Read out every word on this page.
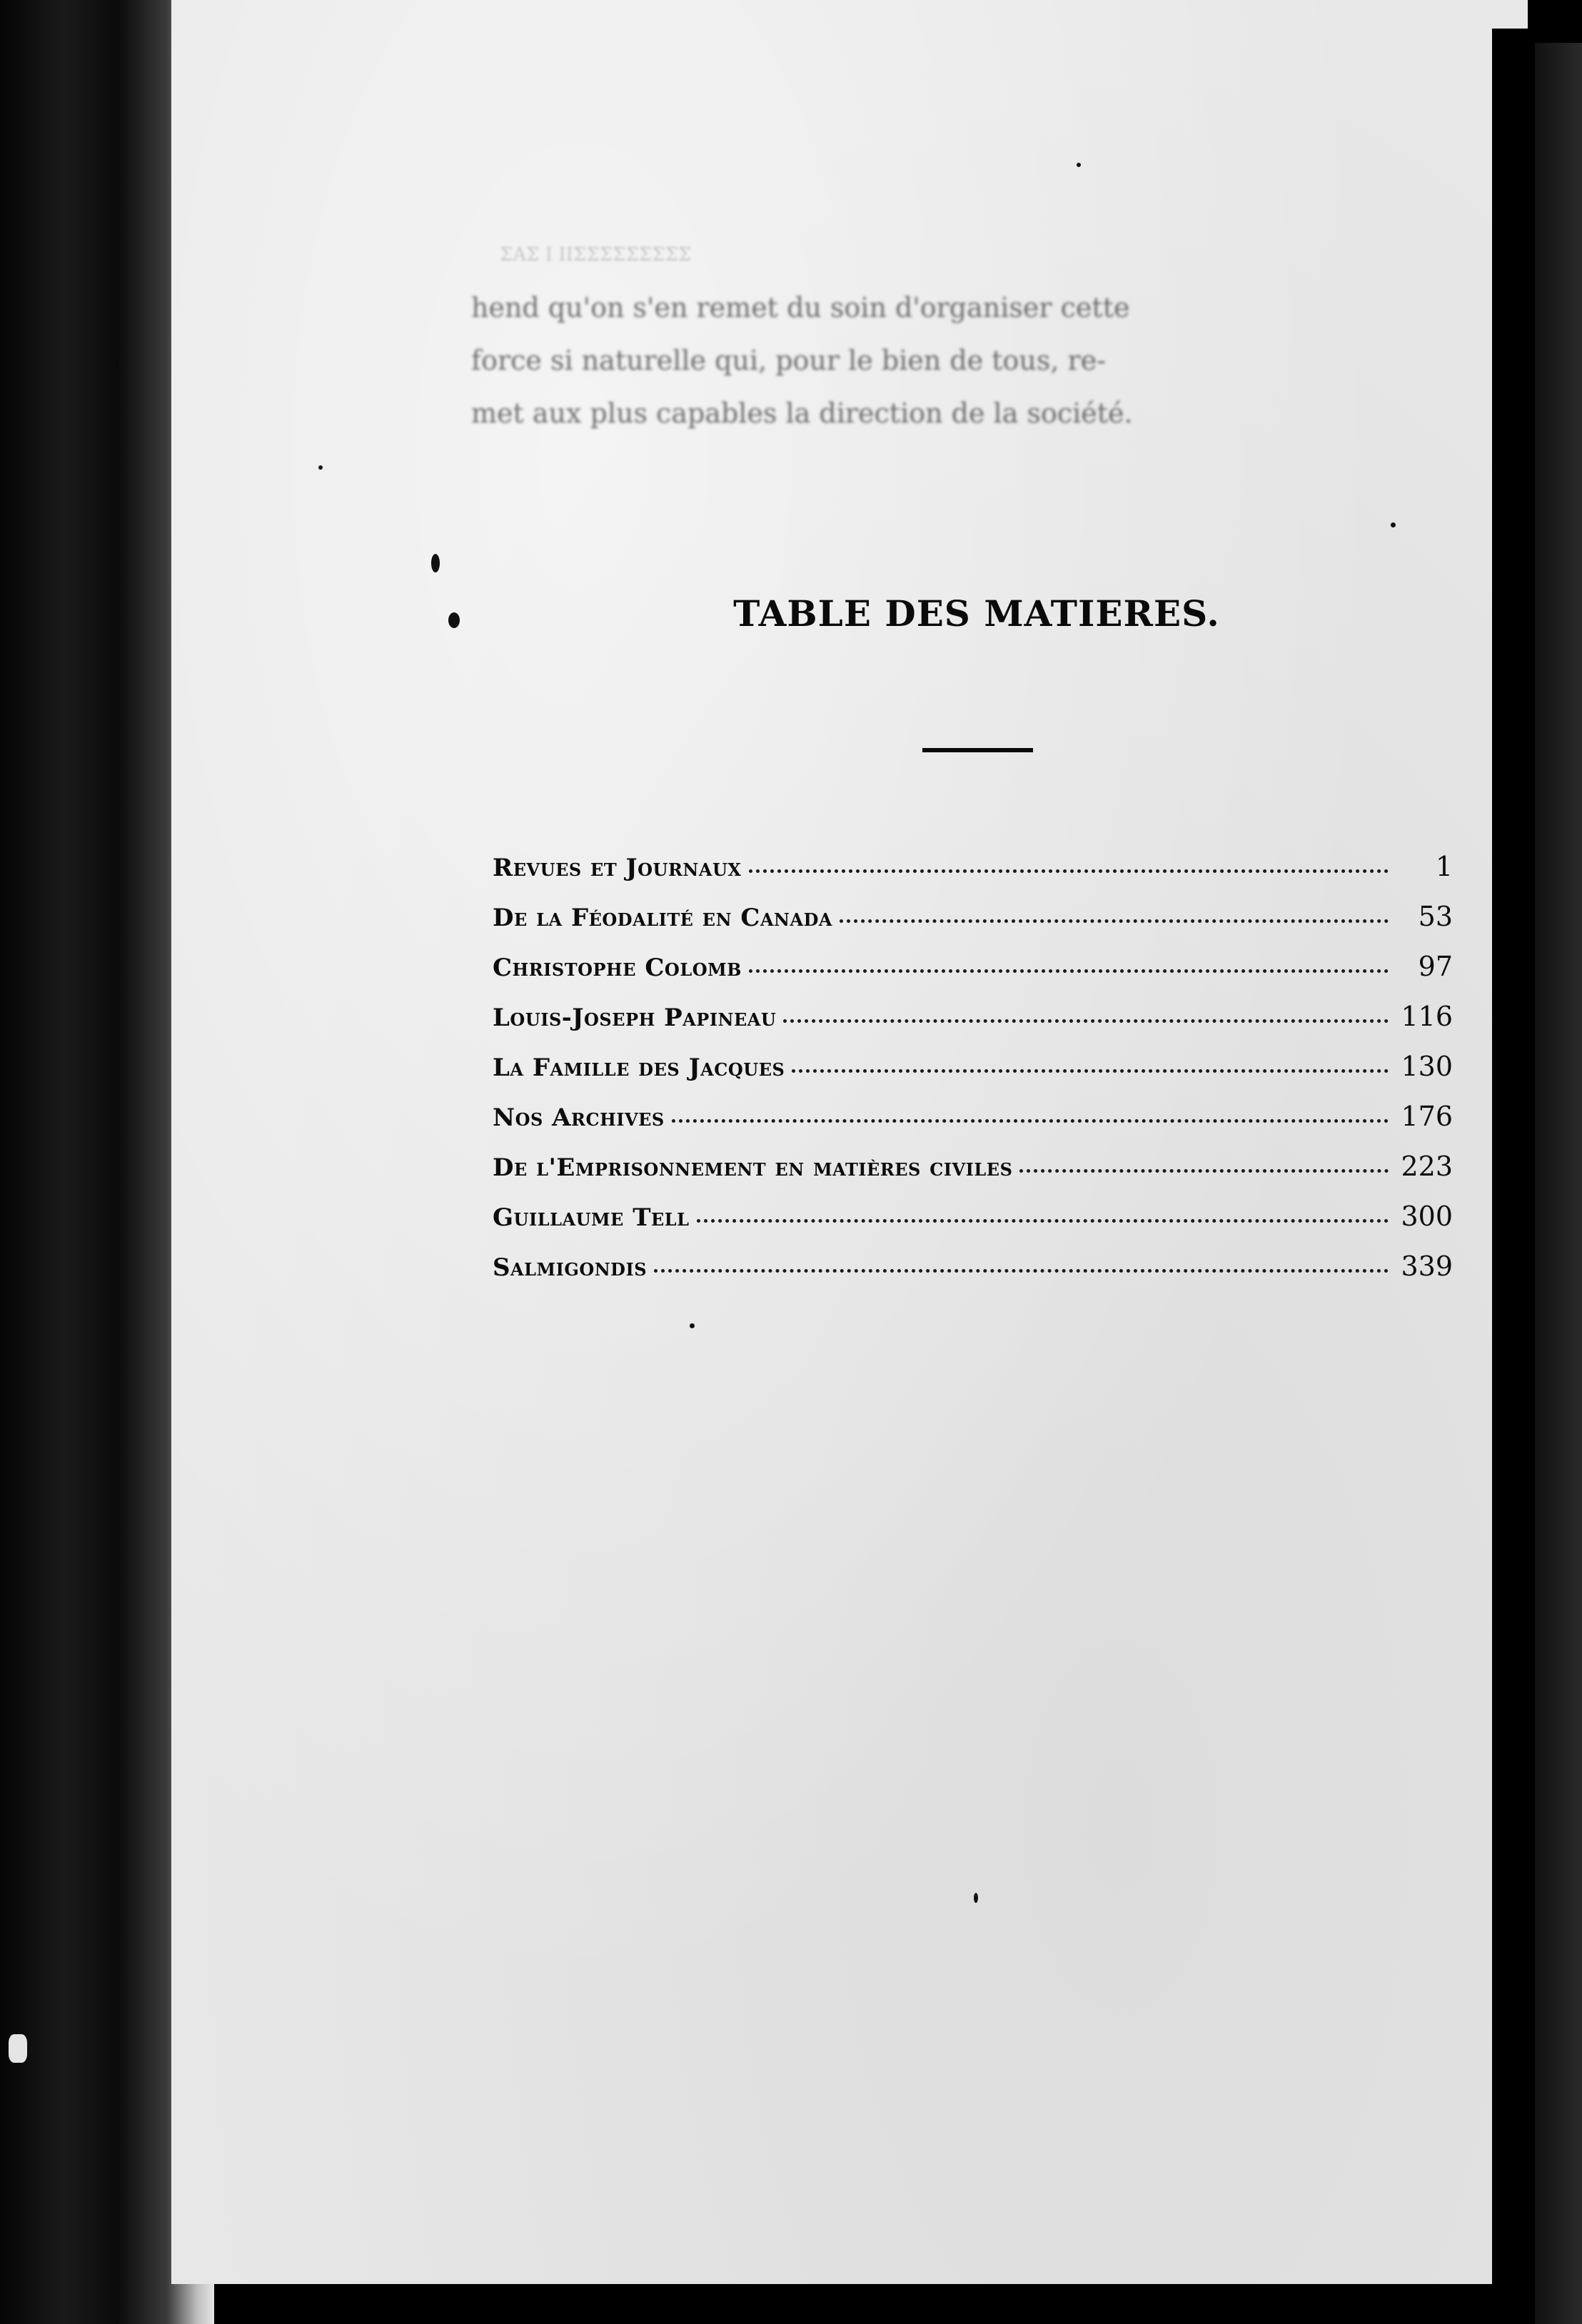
ΣΑΣ Ι ΙΙΣΣΣΣΣΣΣΣΣ
hend qu'on s'en remet du soin d'organiser cette
force si naturelle qui, pour le bien de tous, re-
met aux plus capables la direction de la société.
TABLE DES MATIERES.
Revues et Journaux	1
De la Féodalité en Canada	53
Christophe Colomb	97
Louis-Joseph Papineau	116
La Famille des Jacques	130
Nos Archives	176
De l'Emprisonnement en matières civiles	223
Guillaume Tell	300
Salmigondis	339
